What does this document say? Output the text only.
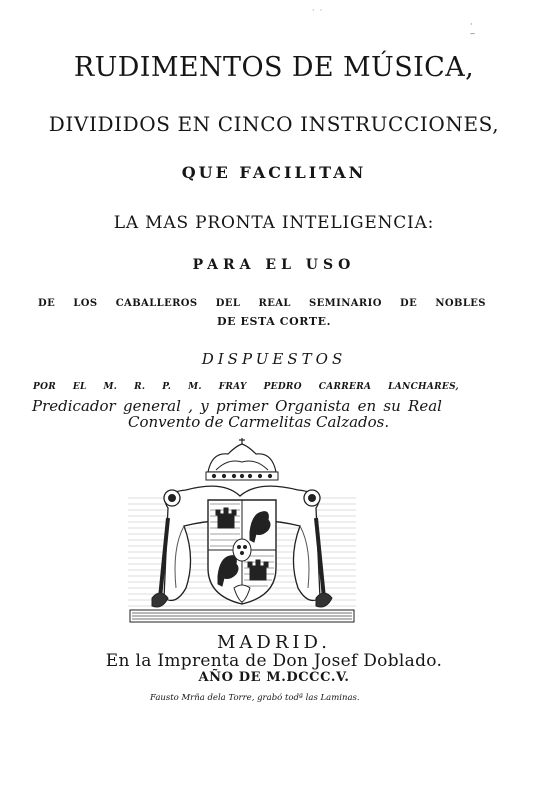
·  ·
·
‒
RUDIMENTOS DE MÚSICA,
DIVIDIDOS EN CINCO INSTRUCCIONES,
QUE FACILITAN
LA MAS PRONTA INTELIGENCIA:
PARA EL USO
DE LOS CABALLEROS DEL REAL SEMINARIO DE NOBLES
DE ESTA CORTE.
DISPUESTOS
POR EL M. R. P. M. FRAY PEDRO CARRERA LANCHARES,
Predicador general , y primer Organista en su Real
Convento de Carmelitas Calzados.
MADRID.
En la Imprenta de Don Josef Doblado.
AÑO DE M.DCCC.V.
Fausto Mrña dela Torre, grabó todª las Laminas.
